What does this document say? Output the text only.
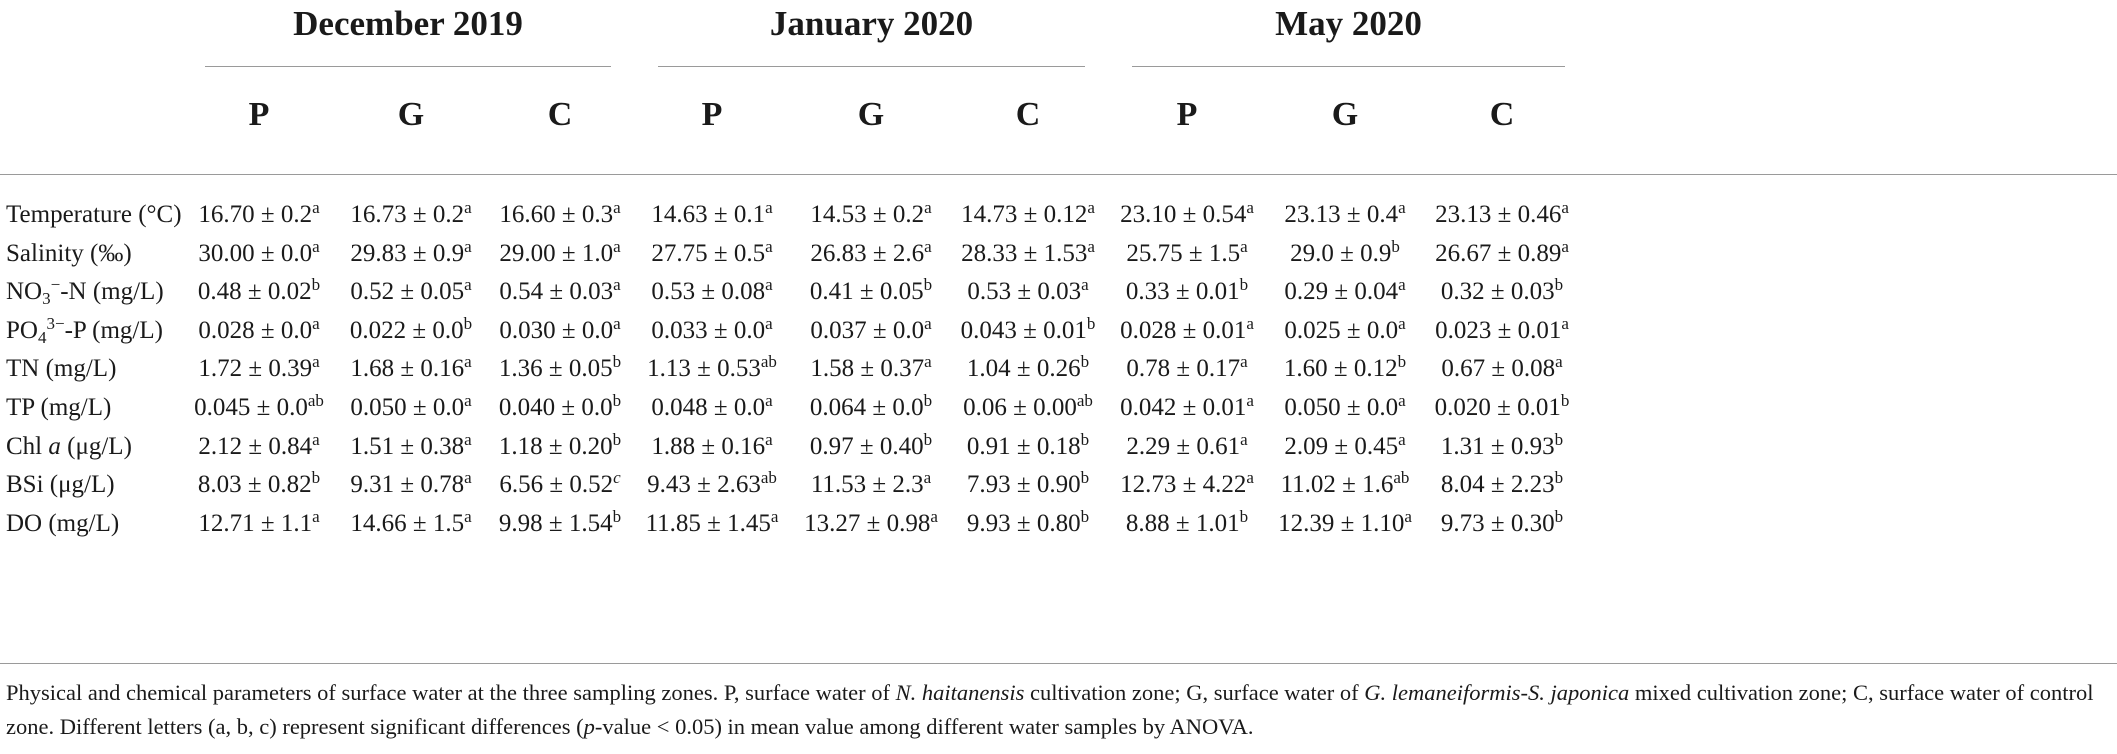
December 2019	January 2020	May 2020
P	G	C	P	G	C	P	G	C
Temperature (°C) 16.70 ± 0.2$^a$	16.73 ± 0.2$^a$	16.60 ± 0.3$^a$	14.63 ± 0.1$^a$	14.53 ± 0.2$^a$	14.73 ± 0.12$^a$	23.10 ± 0.54$^a$	23.13 ± 0.4$^a$	23.13 ± 0.46$^a$
Salinity (‰)	30.00 ± 0.0$^a$	29.83 ± 0.9$^a$	29.00 ± 1.0$^a$	27.75 ± 0.5$^a$	26.83 ± 2.6$^a$	28.33 ± 1.53$^a$	25.75 ± 1.5$^a$	29.0 ± 0.9$^b$	26.67 ± 0.89$^a$
$NO_3^--N$ (mg/L)	0.48 ± 0.02$^b$	0.52 ± 0.05$^a$	0.54 ± 0.03$^a$	0.53 ± 0.08$^a$	0.41 ± 0.05$^b$	0.53 ± 0.03$^a$	0.33 ± 0.01$^b$	0.29 ± 0.04$^a$	0.32 ± 0.03$^b$
$PO_4^{3-}-P$ (mg/L)	0.028 ± 0.0$^a$	0.022 ± 0.0$^b$	0.030 ± 0.0$^a$	0.033 ± 0.0$^a$	0.037 ± 0.0$^a$	0.043 ± 0.01$^b$ 0.028 ± 0.01$^a$	0.025 ± 0.0$^a$	0.023 ± 0.01$^a$
TN (mg/L)	1.72 ± 0.39$^a$	1.68 ± 0.16$^a$	1.36 ± 0.05$^b$	1.13 ± 0.53$^{ab}$	1.58 ± 0.37$^a$	1.04 ± 0.26$^b$	0.78 ± 0.17$^a$	1.60 ± 0.12$^b$	0.67 ± 0.08$^a$
TP (mg/L)	0.045 ± 0.0$^{ab}$	0.050 ± 0.0$^a$	0.040 ± 0.0$^b$	0.048 ± 0.0$^a$	0.064 ± 0.0$^b$	0.06 ± 0.00$^{ab}$	0.042 ± 0.01$^a$	0.050 ± 0.0$^a$	0.020 ± 0.01$^b$
Chl a (μg/L)	2.12 ± 0.84$^a$	1.51 ± 0.38$^a$	1.18 ± 0.20$^b$	1.88 ± 0.16$^a$	0.97 ± 0.40$^b$	0.91 ± 0.18$^b$	2.29 ± 0.61$^a$	2.09 ± 0.45$^a$	1.31 ± 0.93$^b$
BSi (μg/L)	8.03 ± 0.82$^b$	9.31 ± 0.78$^a$	6.56 ± 0.52$^c$	9.43 ± 2.63$^{ab}$	11.53 ± 2.3$^a$	7.93 ± 0.90$^b$	12.73 ± 4.22$^a$	11.02 ± 1.6$^{ab}$	8.04 ± 2.23$^b$
DO (mg/L)	12.71 ± 1.1$^a$	14.66 ± 1.5$^a$	9.98 ± 1.54$^b$ 11.85 ± 1.45$^a$	13.27 ± 0.98$^a$	9.93 ± 0.80$^b$	8.88 ± 1.01$^b$	12.39 ± 1.10$^a$	9.73 ± 0.30$^b$
Physical and chemical parameters of surface water at the three sampling zones. P, surface water of N. haitanensis cultivation zone; G, surface water of G. lemaneiformis-S. japonica mixed cultivation zone; C, surface water of control zone. Different letters (a, b, c) represent significant differences (p-value < 0.05) in mean value among different water samples by ANOVA.
